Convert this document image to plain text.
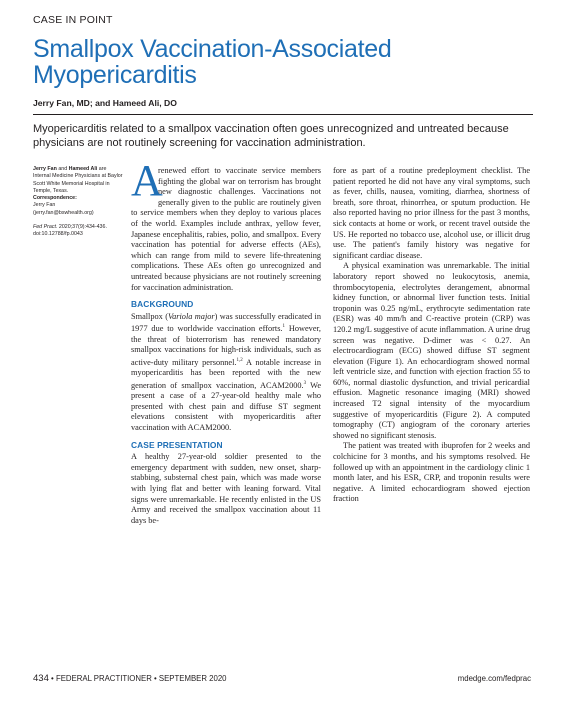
CASE IN POINT
Smallpox Vaccination-Associated Myopericarditis
Jerry Fan, MD; and Hameed Ali, DO
Myopericarditis related to a smallpox vaccination often goes unrecognized and untreated because physicians are not routinely screening for vaccination administration.

Jerry Fan and Hameed Ali are Internal Medicine Physicians at Baylor Scott White Memorial Hospital in Temple, Texas.

Correspondence:

Jerry Fan

(jerry.fan@bswhealth.org)

Fed Pract. 2020;37(9):434-436.

doi:10.12788/fp.0043

A
renewed effort to vaccinate service members fighting the global war on terrorism has brought new diagnostic challenges. Vaccinations not generally given to the public are routinely given to service members when they deploy to various places of the world. Examples include anthrax, yellow fever, Japanese encephalitis, rabies, polio, and smallpox. Every vaccination has potential for adverse effects (AEs), which can range from mild to severe life-threatening complications. These AEs often go unrecognized and untreated because physicians are not routinely screening for vaccination administration.

BACKGROUND

Smallpox (Variola major) was successfully eradicated in 1977 due to worldwide vaccination efforts.$^1$ However, the threat of bioterrorism has renewed mandatory smallpox vaccinations for high-risk individuals, such as active-duty military personnel.$^{1,2}$ A notable increase in myopericarditis has been reported with the new generation of smallpox vaccination, ACAM2000.$^3$ We present a case of a 27-year-old healthy male who presented with chest pain and diffuse ST segment elevations consistent with myopericarditis after vaccination with ACAM2000.

CASE PRESENTATION

A healthy 27-year-old soldier presented to the emergency department with sudden, new onset, sharp-stabbing, substernal chest pain, which was made worse with lying flat and better with leaning forward. Vital signs were unremarkable. He recently enlisted in the US Army and received the smallpox vaccination about 11 days be-

fore as part of a routine predeployment checklist. The patient reported he did not have any viral symptoms, such as fever, chills, nausea, vomiting, diarrhea, shortness of breath, sore throat, rhinorrhea, or sputum production. He also reported having no prior illness for the past 3 months, sick contacts at home or work, or recent travel outside the US. He reported no tobacco use, alcohol use, or illicit drug use. The patient's family history was negative for significant cardiac disease.

A physical examination was unremarkable. The initial laboratory report showed no leukocytosis, anemia, thrombocytopenia, electrolytes derangement, abnormal kidney function, or abnormal liver function tests. Initial troponin was 0.25 ng/mL, erythrocyte sedimentation rate (ESR) was 40 mm/h and C-reactive protein (CRP) was 120.2 mg/L suggestive of acute inflammation. A urine drug screen was negative. D-dimer was < 0.27. An electrocardiogram (ECG) showed diffuse ST segment elevation (Figure 1). An echocardiogram showed normal left ventricle size, and function with ejection fraction 55 to 60%, normal diastolic dysfunction, and trivial pericardial effusion. Magnetic resonance imaging (MRI) showed increased T2 signal intensity of the myocardium suggestive of myopericarditis (Figure 2). A computed tomography (CT) angiogram of the coronary arteries showed no significant stenosis.

The patient was treated with ibuprofen for 2 weeks and colchicine for 3 months, and his symptoms resolved. He followed up with an appointment in the cardiology clinic 1 month later, and his ESR, CRP, and troponin results were negative. A limited echocardiogram showed ejection fraction

434 • FEDERAL PRACTITIONER • SEPTEMBER 2020	mdedge.com/fedprac
